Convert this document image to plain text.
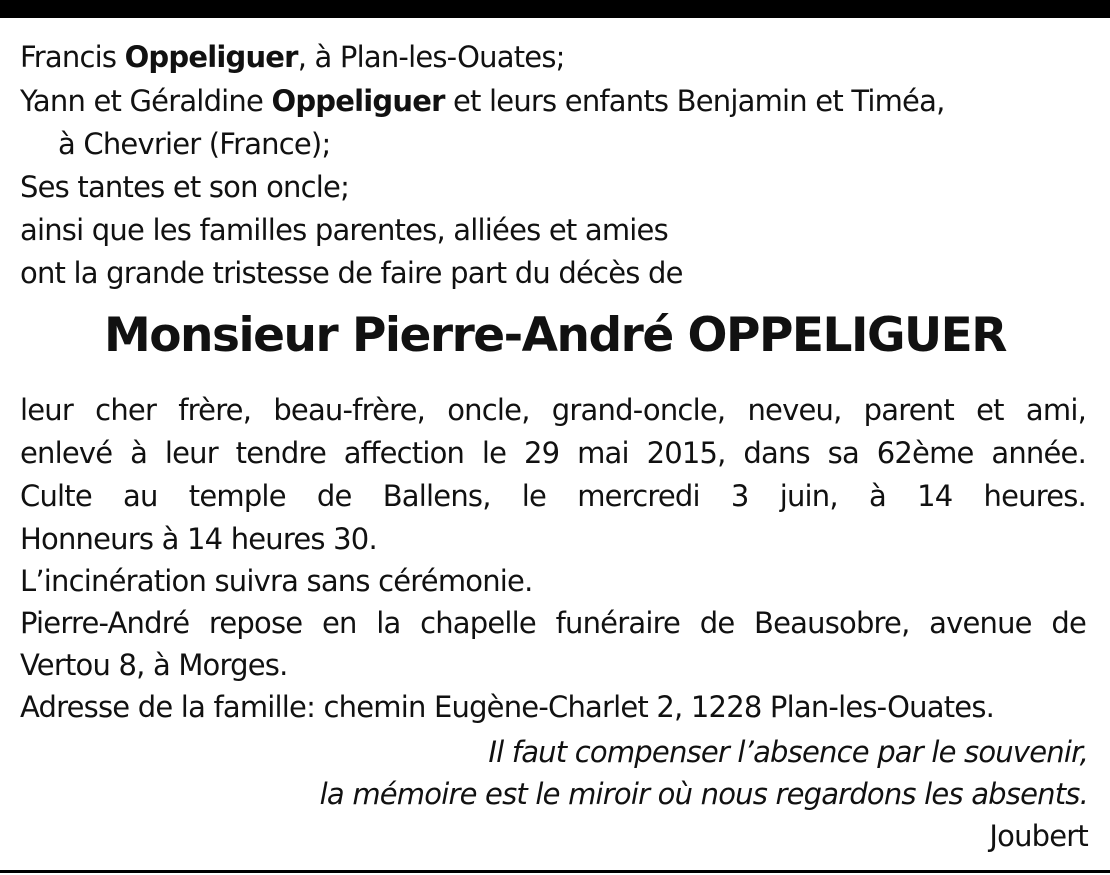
Francis Oppeliguer, à Plan-les-Ouates;
Yann et Géraldine Oppeliguer et leurs enfants Benjamin et Timéa,
à Chevrier (France);
Ses tantes et son oncle;
ainsi que les familles parentes, alliées et amies
ont la grande tristesse de faire part du décès de
Monsieur Pierre-André OPPELIGUER
leur cher frère, beau-frère, oncle, grand-oncle, neveu, parent et ami,
enlevé à leur tendre affection le 29 mai 2015, dans sa 62ème année.
Culte au temple de Ballens, le mercredi 3 juin, à 14 heures.
Honneurs à 14 heures 30.
L’incinération suivra sans cérémonie.
Pierre-André repose en la chapelle funéraire de Beausobre, avenue de
Vertou 8, à Morges.
Adresse de la famille: chemin Eugène-Charlet 2, 1228 Plan-les-Ouates.
Il faut compenser l’absence par le souvenir,
la mémoire est le miroir où nous regardons les absents.
Joubert
